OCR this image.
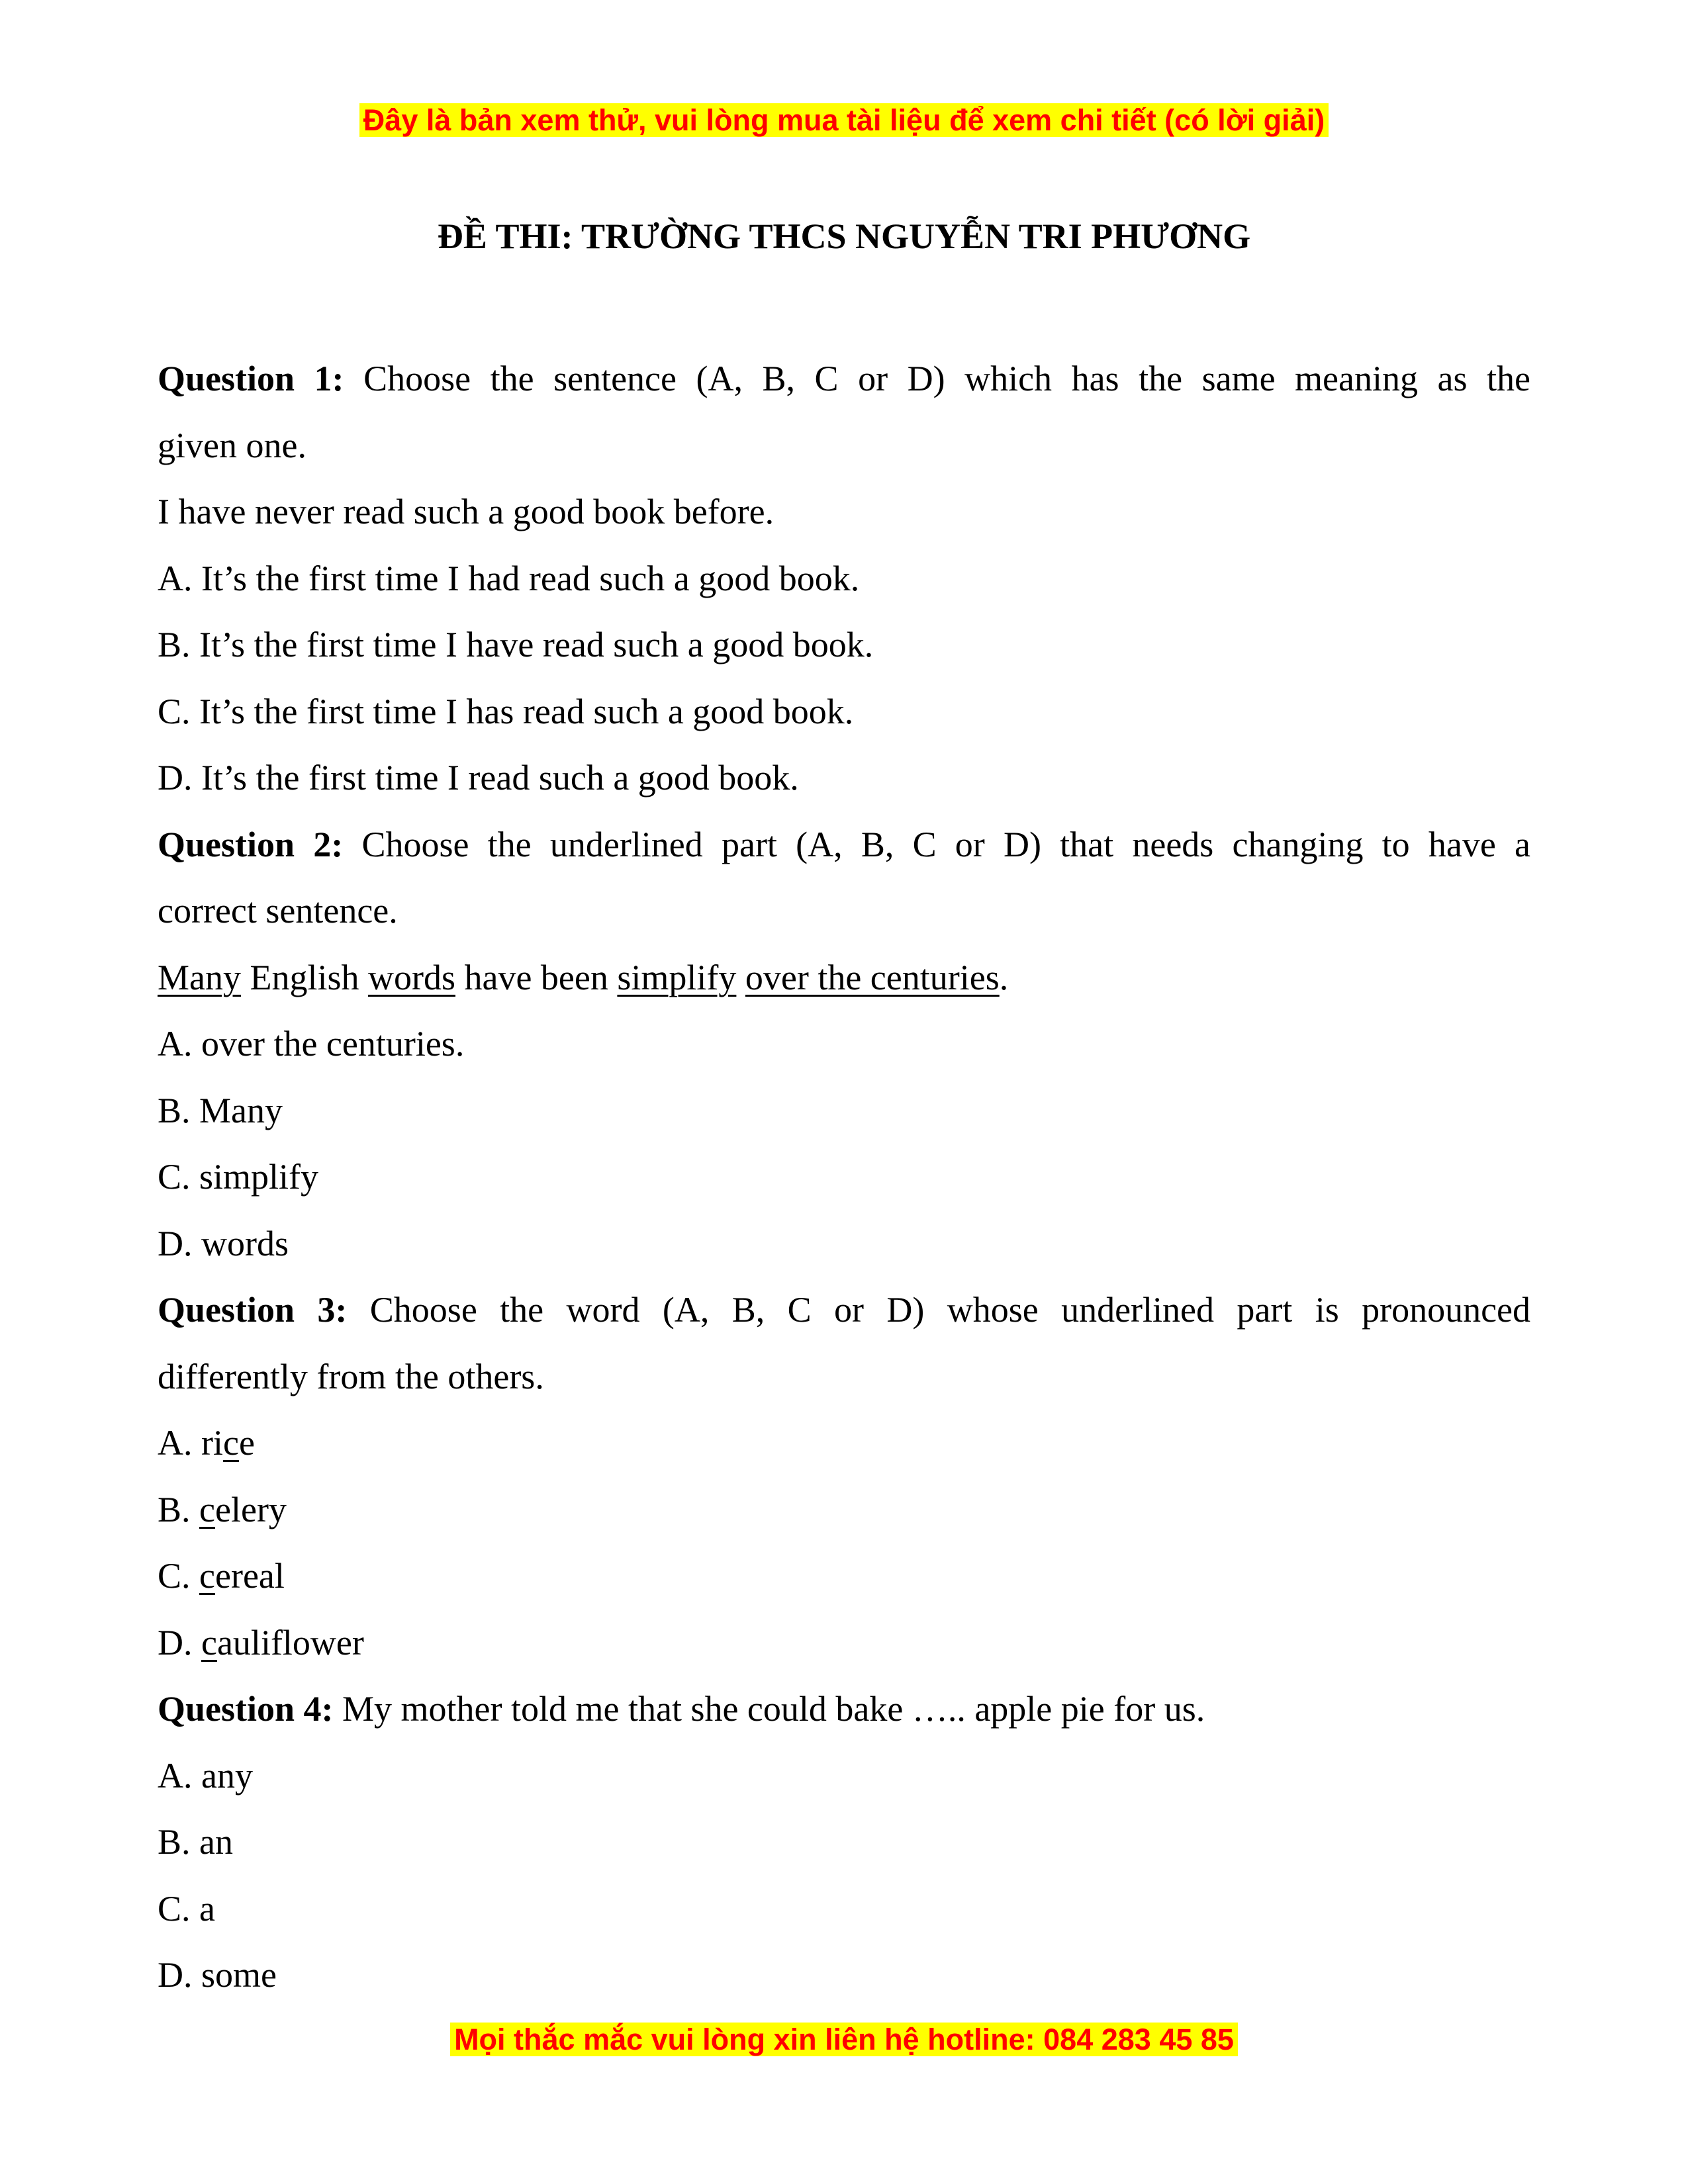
Đây là bản xem thử, vui lòng mua tài liệu để xem chi tiết (có lời giải)
ĐỀ THI: TRƯỜNG THCS NGUYỄN TRI PHƯƠNG

Question 1: Choose the sentence (A, B, C or D) which has the same meaning as the

given one.

I have never read such a good book before.

A. It’s the first time I had read such a good book.

B. It’s the first time I have read such a good book.

C. It’s the first time I has read such a good book.

D. It’s the first time I read such a good book.

Question 2: Choose the underlined part (A, B, C or D) that needs changing to have a

correct sentence.

Many English words have been simplify over the centuries.

A. over the centuries.

B. Many

C. simplify

D. words

Question 3: Choose the word (A, B, C or D) whose underlined part is pronounced

differently from the others.

A. rice

B. celery

C. cereal

D. cauliflower

Question 4: My mother told me that she could bake ….. apple pie for us.

A. any

B. an

C. a

D. some

Mọi thắc mắc vui lòng xin liên hệ hotline: 084 283 45 85
